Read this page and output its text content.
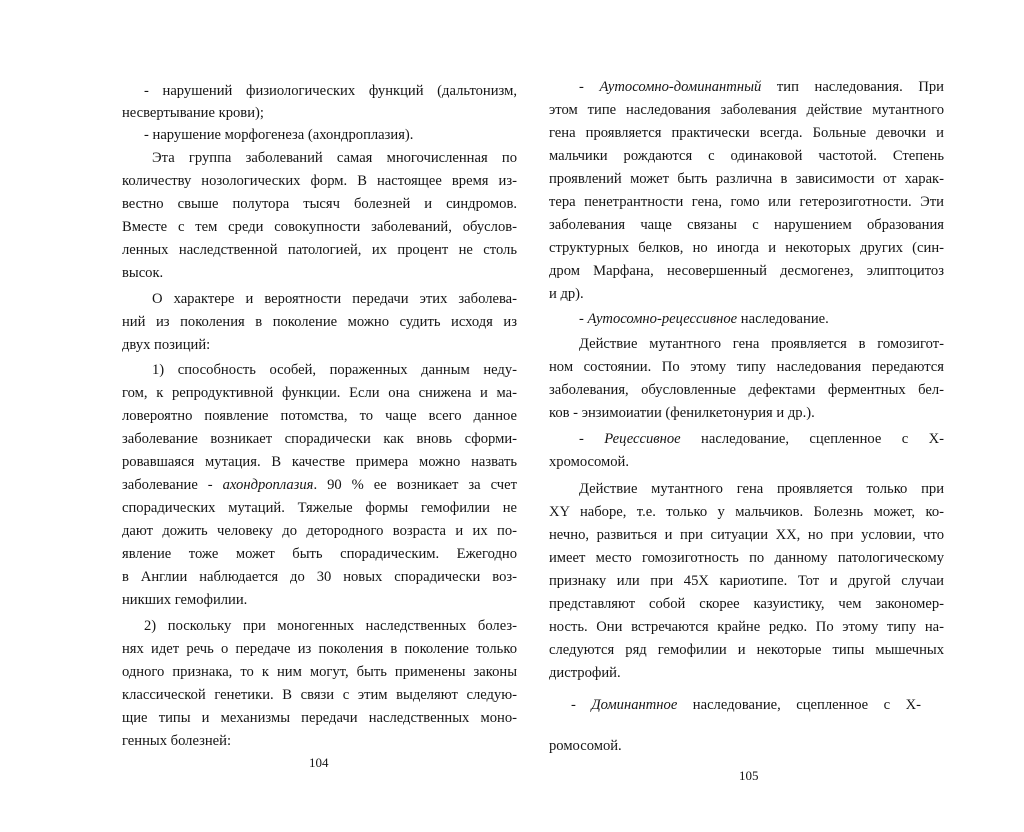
- нарушений физиологических функций (дальтонизм,
несвертывание крови);
- нарушение морфогенеза (ахондроплазия).
Эта группа заболеваний самая многочисленная по
количеству нозологических форм. В настоящее время из-
вестно свыше полутора тысяч болезней и синдромов.
Вместе с тем среди совокупности заболеваний, обуслов-
ленных наследственной патологией, их процент не столь
высок.
О характере и вероятности передачи этих заболева-
ний из поколения в поколение можно судить исходя из
двух позиций:
1) способность особей, пораженных данным неду-
гом, к репродуктивной функции. Если она снижена и ма-
ловероятно появление потомства, то чаще всего данное
заболевание возникает спорадически как вновь сформи-
ровавшаяся мутация. В качестве примера можно назвать
заболевание - ахондроплазия. 90 % ее возникает за счет
спорадических мутаций. Тяжелые формы гемофилии не
дают дожить человеку до детородного возраста и их по-
явление тоже может быть спорадическим. Ежегодно
в Англии наблюдается до 30 новых спорадически воз-
никших гемофилии.
2) поскольку при моногенных наследственных болез-
нях идет речь о передаче из поколения в поколение только
одного признака, то к ним могут, быть применены законы
классической генетики. В связи с этим выделяют следую-
щие типы и механизмы передачи наследственных моно-
генных болезней:
104
- Аутосомно-доминантный тип наследования. При
этом типе наследования заболевания действие мутантного
гена проявляется практически всегда. Больные девочки и
мальчики рождаются с одинаковой частотой. Степень
проявлений может быть различна в зависимости от харак-
тера пенетрантности гена, гомо или гетерозиготности. Эти
заболевания чаще связаны с нарушением образования
структурных белков, но иногда и некоторых других (син-
дром Марфана, несовершенный десмогенез, элиптоцитоз
и др).
- Аутосомно-рецессивное наследование.
Действие мутантного гена проявляется в гомозигот-
ном состоянии. По этому типу наследования передаются
заболевания, обусловленные дефектами ферментных бел-
ков - энзимоиатии (фенилкетонурия и др.).
- Рецессивное наследование, сцепленное с X-
хромосомой.
Действие мутантного гена проявляется только при
XY наборе, т.е. только у мальчиков. Болезнь может, ко-
нечно, развиться и при ситуации XX, но при условии, что
имеет место гомозиготность по данному патологическому
признаку или при 45X кариотипе. Тот и другой случаи
представляют собой скорее казуистику, чем закономер-
ность. Они встречаются крайне редко. По этому типу на-
следуются ряд гемофилии и некоторые типы мышечных
дистрофий.
- Доминантное наследование, сцепленное с X-
ромосомой.
105
